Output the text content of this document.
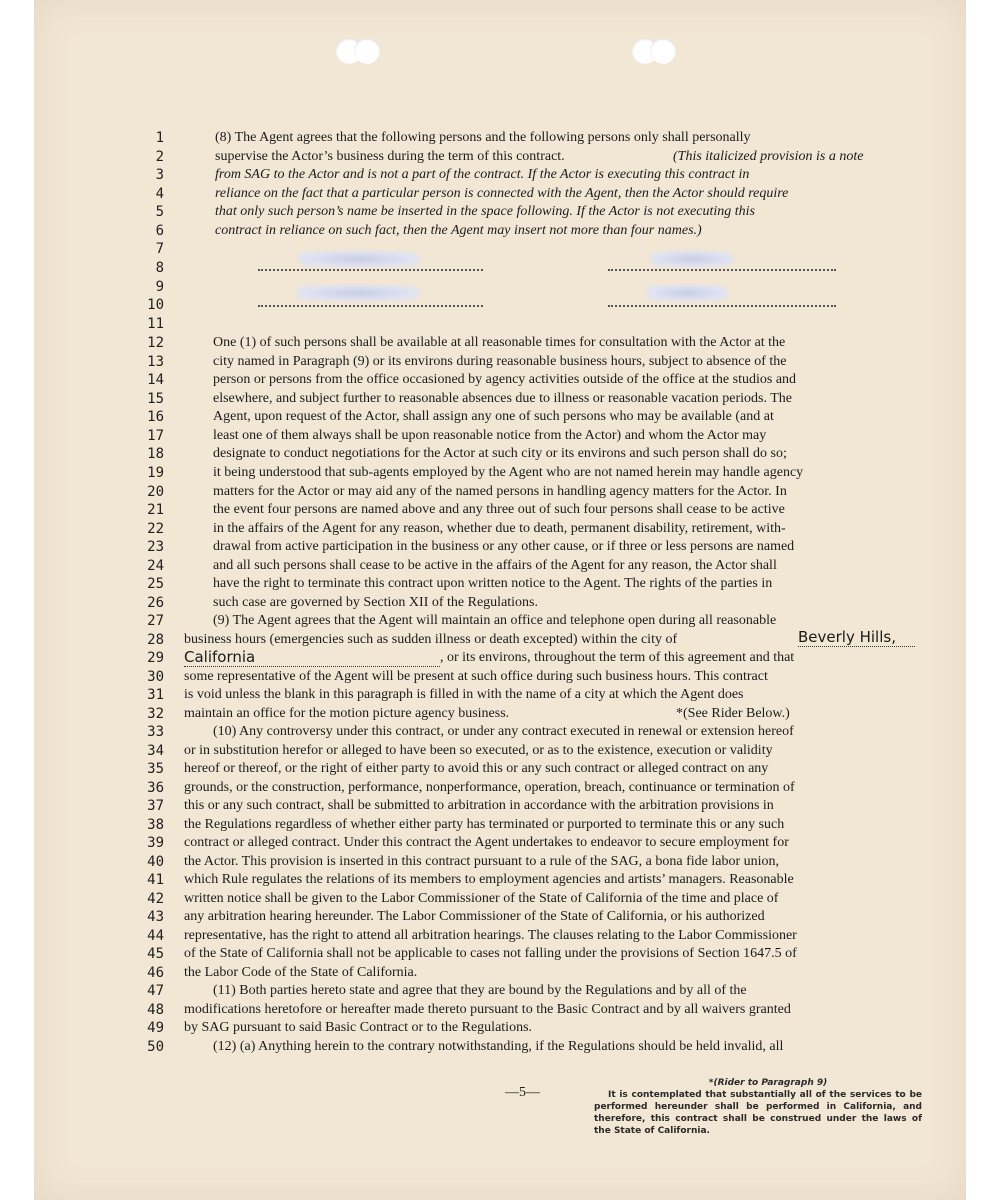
1
2
3
4
5
6
7
8
9
10
11
12
13
14
15
16
17
18
19
20
21
22
23
24
25
26
27
28
29
30
31
32
33
34
35
36
37
38
39
40
41
42
43
44
45
46
47
48
49
50
(8) The Agent agrees that the following persons and the following persons only shall personally
supervise the Actor’s business during the term of this contract.	(This italicized provision is a note
from SAG to the Actor and is not a part of the contract. If the Actor is executing this contract in
reliance on the fact that a particular person is connected with the Agent, then the Actor should require
that only such person’s name be inserted in the space following. If the Actor is not executing this
contract in reliance on such fact, then the Agent may insert not more than four names.)
One (1) of such persons shall be available at all reasonable times for consultation with the Actor at the
city named in Paragraph (9) or its environs during reasonable business hours, subject to absence of the
person or persons from the office occasioned by agency activities outside of the office at the studios and
elsewhere, and subject further to reasonable absences due to illness or reasonable vacation periods. The
Agent, upon request of the Actor, shall assign any one of such persons who may be available (and at
least one of them always shall be upon reasonable notice from the Actor) and whom the Actor may
designate to conduct negotiations for the Actor at such city or its environs and such person shall do so;
it being understood that sub-agents employed by the Agent who are not named herein may handle agency
matters for the Actor or may aid any of the named persons in handling agency matters for the Actor. In
the event four persons are named above and any three out of such four persons shall cease to be active
in the affairs of the Agent for any reason, whether due to death, permanent disability, retirement, with-
drawal from active participation in the business or any other cause, or if three or less persons are named
and all such persons shall cease to be active in the affairs of the Agent for any reason, the Actor shall
have the right to terminate this contract upon written notice to the Agent. The rights of the parties in
such case are governed by Section XII of the Regulations.
(9) The Agent agrees that the Agent will maintain an office and telephone open during all reasonable
business hours (emergencies such as sudden illness or death excepted) within the city of	Beverly Hills,
California	, or its environs, throughout the term of this agreement and that
some representative of the Agent will be present at such office during such business hours. This contract
is void unless the blank in this paragraph is filled in with the name of a city at which the Agent does
maintain an office for the motion picture agency business.	*(See Rider Below.)
(10) Any controversy under this contract, or under any contract executed in renewal or extension hereof
or in substitution herefor or alleged to have been so executed, or as to the existence, execution or validity
hereof or thereof, or the right of either party to avoid this or any such contract or alleged contract on any
grounds, or the construction, performance, nonperformance, operation, breach, continuance or termination of
this or any such contract, shall be submitted to arbitration in accordance with the arbitration provisions in
the Regulations regardless of whether either party has terminated or purported to terminate this or any such
contract or alleged contract. Under this contract the Agent undertakes to endeavor to secure employment for
the Actor. This provision is inserted in this contract pursuant to a rule of the SAG, a bona fide labor union,
which Rule regulates the relations of its members to employment agencies and artists’ managers. Reasonable
written notice shall be given to the Labor Commissioner of the State of California of the time and place of
any arbitration hearing hereunder. The Labor Commissioner of the State of California, or his authorized
representative, has the right to attend all arbitration hearings. The clauses relating to the Labor Commissioner
of the State of California shall not be applicable to cases not falling under the provisions of Section 1647.5 of
the Labor Code of the State of California.
(11) Both parties hereto state and agree that they are bound by the Regulations and by all of the
modifications heretofore or hereafter made thereto pursuant to the Basic Contract and by all waivers granted
by SAG pursuant to said Basic Contract or to the Regulations.
(12) (a) Anything herein to the contrary notwithstanding, if the Regulations should be held invalid, all
—5—
*(Rider to Paragraph 9)
It is contemplated that substantially all of the services to be performed hereunder shall be performed in California, and therefore, this contract shall be construed under the laws of the State of California.
